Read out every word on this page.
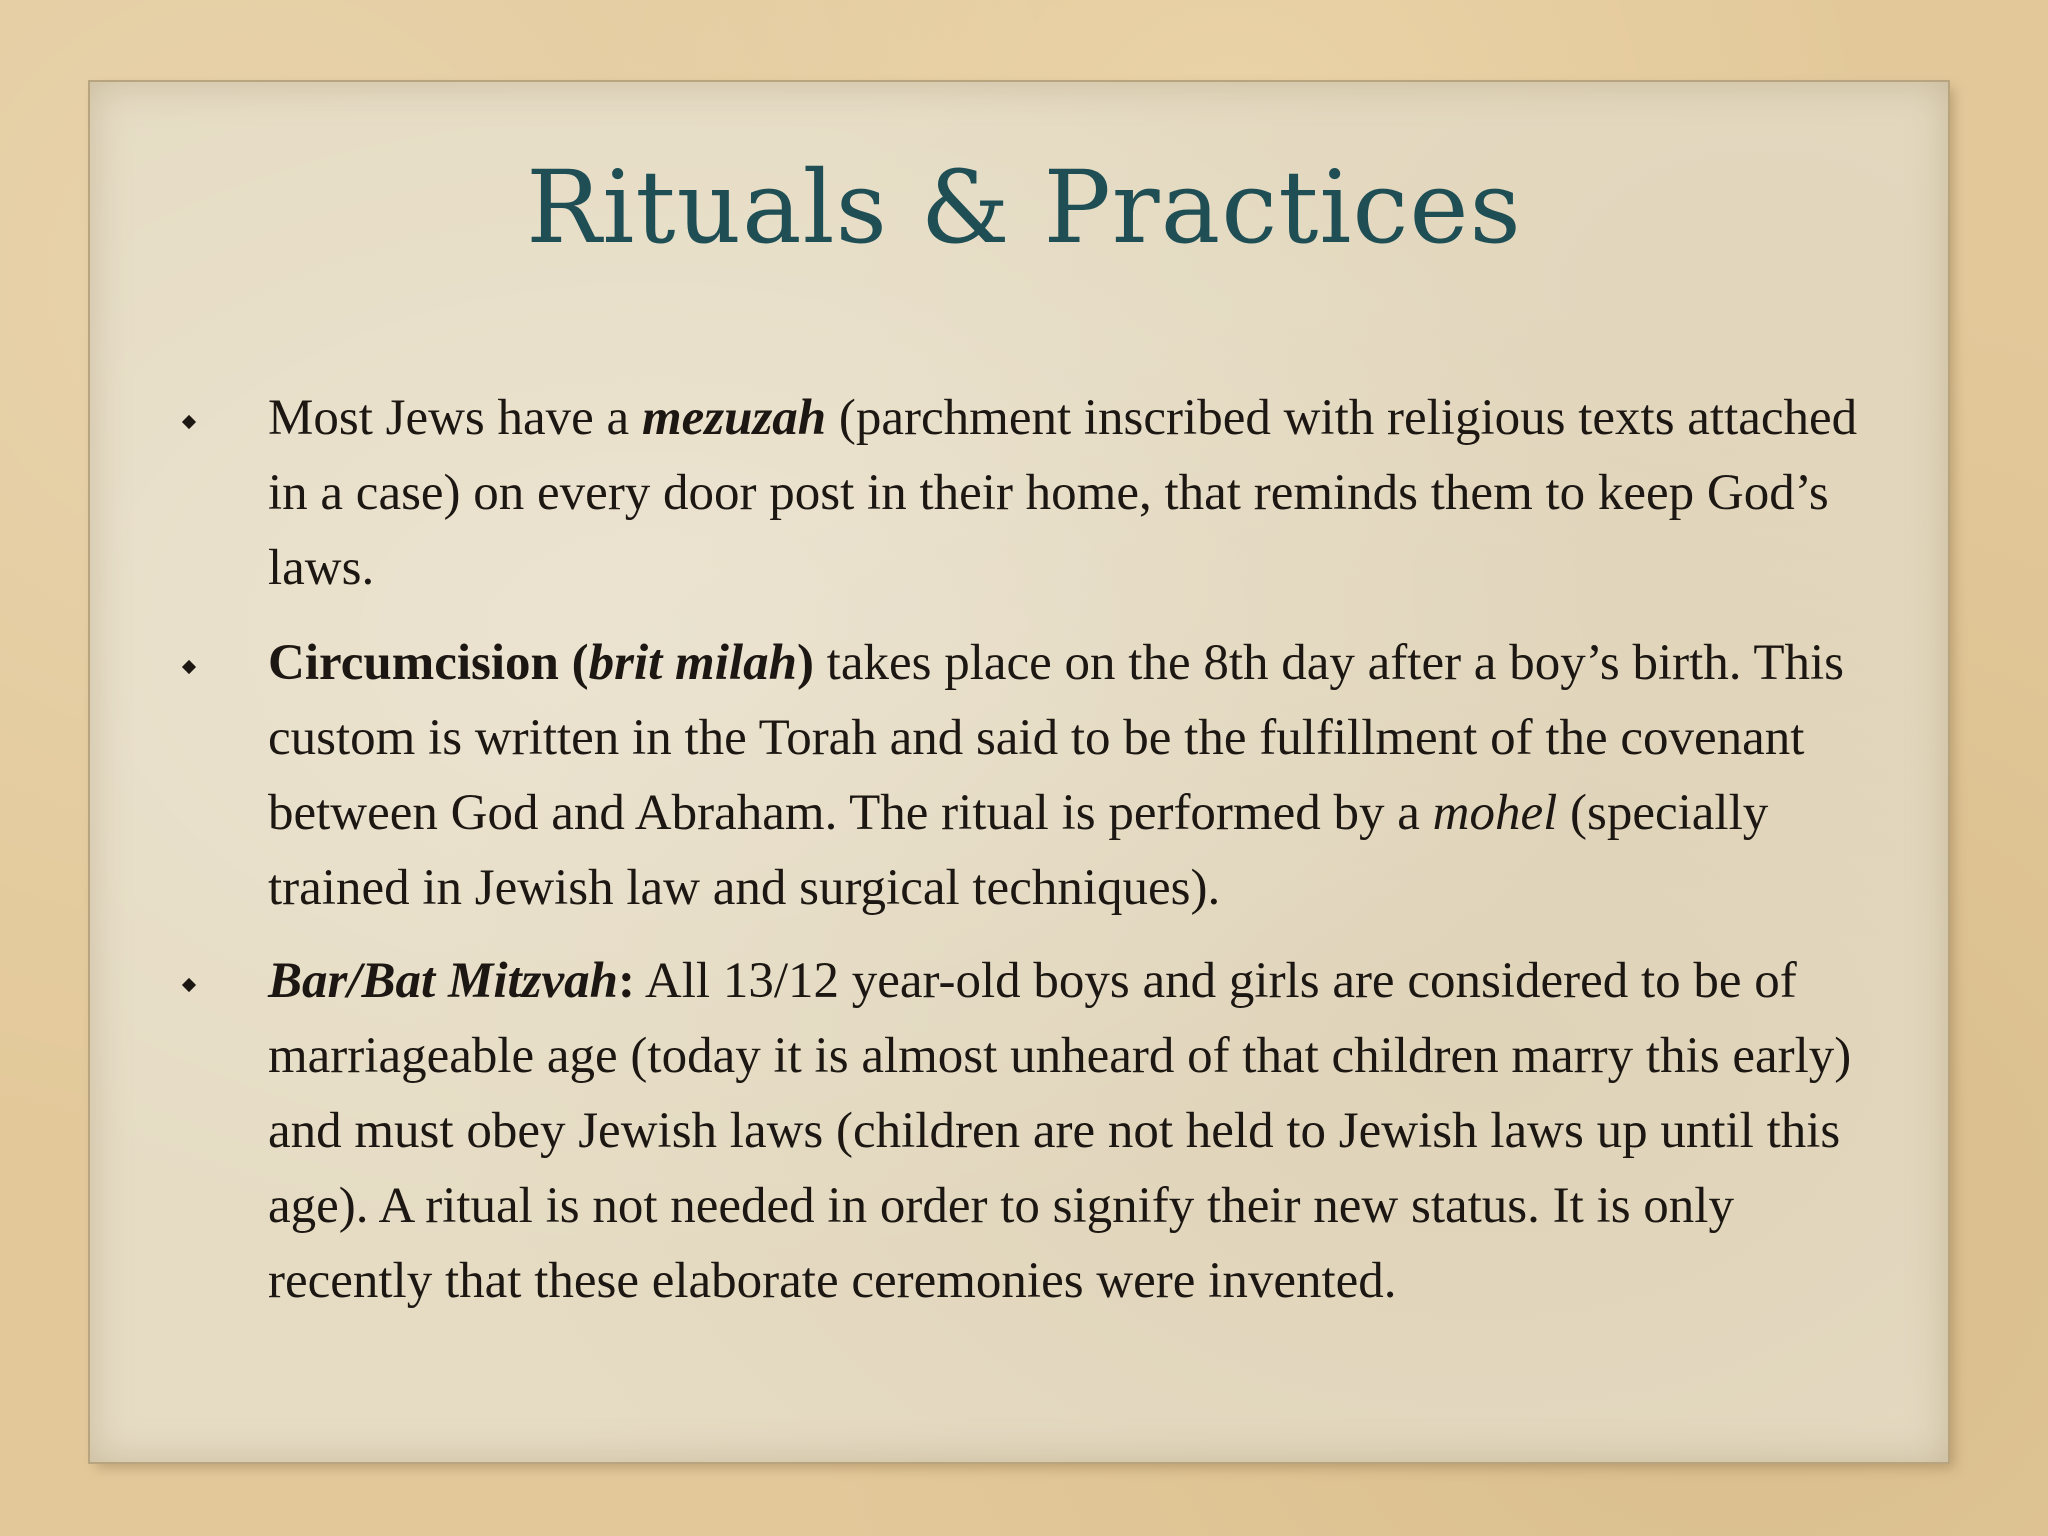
Rituals & Practices
Most Jews have a mezuzah (parchment inscribed with religious texts attached in a case) on every door post in their home, that reminds them to keep God’s laws.
Circumcision (brit milah) takes place on the 8th day after a boy’s birth. This custom is written in the Torah and said to be the fulfillment of the covenant between God and Abraham. The ritual is performed by a mohel (specially trained in Jewish law and surgical techniques).
Bar/Bat Mitzvah: All 13/12 year-old boys and girls are considered to be of marriageable age (today it is almost unheard of that children marry this early) and must obey Jewish laws (children are not held to Jewish laws up until this age). A ritual is not needed in order to signify their new status. It is only recently that these elaborate ceremonies were invented.
